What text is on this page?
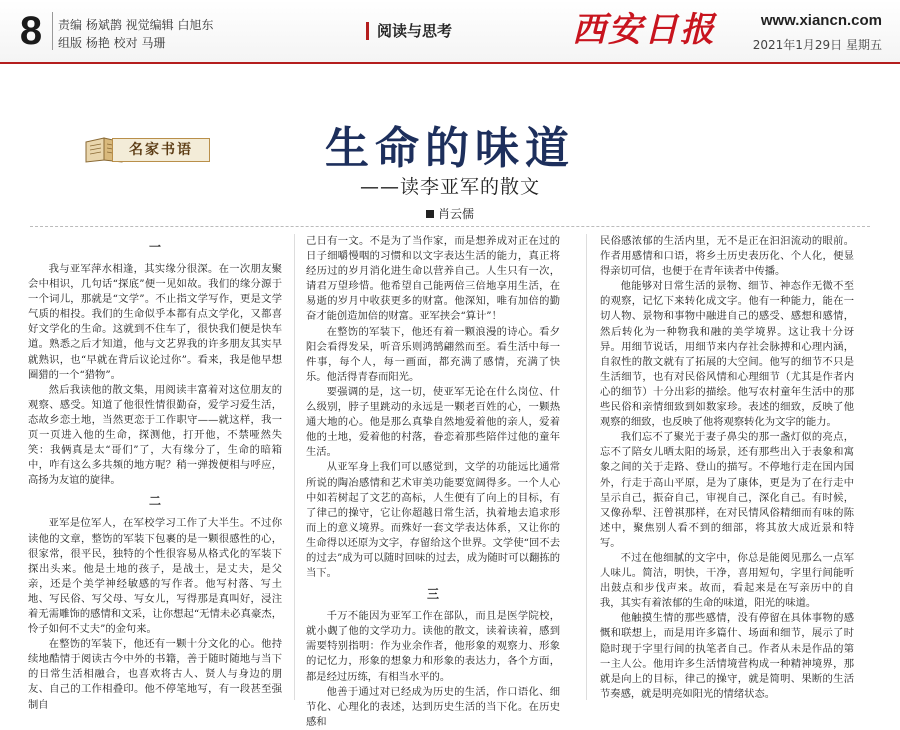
8	责编 杨斌鹊 视觉编辑 白旭东
组版 杨艳 校对 马珊
阅读与思考	西安日报	www.xiancn.com
2021年1月29日 星期五
名家书语	生命的味道
——读李亚军的散文
肖云儒
一

我与亚军萍水相逢，其实缘分很深。在一次朋友聚会中相识，几句话“探底”便一见如故。我们的缘分源于一个词儿，那就是“文学”。不止指文学写作，更是文学气质的相投。我们的生命似乎本都有点文学化，又都喜好文学化的生命。这就到不住车了，很快我们便是快车道。熟悉之后才知道，他与文艺界我的许多朋友其实早就熟识，也“早就在背后议论过你”。看来，我是他早想圈猎的一个“猎物”。

然后我读他的散文集，用阅读丰富着对这位朋友的观察、感受。知道了他很性情很勤奋，爱学习爱生活，态故乡恋土地，当然更恋于工作职守——就这样，我一页一页进入他的生命，探测他，打开他，不禁哑然失笑：我俩真是太“哥们”了，大有缘分了，生命的暗箱中，咋有这么多共频的地方呢？稍一弹拨便相与呼应，高扬为友谊的旋律。

二

亚军是位军人，在军校学习工作了大半生。不过你读他的文章，整饬的军装下包裹的是一颗很感性的心，很家常，很平民，独特的个性很容易从格式化的军装下探出头来。他是土地的孩子，是战士，是丈夫，是父亲，还是个美学神经敏感的写作者。他写村落、写土地、写民俗、写父母、写女儿，写得那是真叫好，浸注着无需雕饰的感情和文采，让你想起“无情未必真豪杰，怜子如何不丈夫”的金句来。

在整饬的军装下，他还有一颗十分文化的心。他持续地酷情于阅读古今中外的书籍，善于随时随地与当下的日常生活相融合，也喜欢将古人、贤人与身边的朋友、自己的工作相叠印。他不停笔地写，有一段甚至强制自

己日有一文。不是为了当作家，而是想养成对正在过的日子细嚼慢咽的习惯和以文字表达生活的能力，真正将经历过的岁月消化进生命以营养自己。人生只有一次，请君万望珍惜。他希望自己能两倍三倍地享用生活，在易逝的岁月中收获更多的财富。他深知，唯有加倍的勤奋才能创造加倍的财富。亚军挟会“算计”！

在整饬的军装下，他还有着一颗浪漫的诗心。看夕阳会看得发呆，听音乐则鸿鹄翩然而至。看生活中每一件事，每个人，每一画面，都充满了感情，充满了快乐。他活得青春而阳光。

要强调的是，这一切，使亚军无论在什么岗位、什么级别，脖子里跳动的永远是一颗老百姓的心，一颗热通大地的心。他是那么真挚自然地爱着他的亲人，爱着他的土地，爱着他的村落，眷恋着那些陪伴过他的童年生活。

从亚军身上我们可以感觉到，文学的功能远比通常所说的陶冶感情和艺术审美功能要宽阔得多。一个人心中如若树起了文艺的高标，人生便有了向上的目标，有了律己的操守，它让你超越日常生活，执着地去追求形而上的意义境界。而殊好一套文学表达体系，又让你的生命得以还原为文字，存留给这个世界。文学使“回不去的过去”成为可以随时回味的过去，成为随时可以翻拣的当下。

三

千万不能因为亚军工作在部队，而且是医学院校，就小觑了他的文学功力。读他的散文，读着读着，感到需要特别指明：作为业余作者，他形象的观察力、形象的记忆力，形象的想象力和形象的表达力，各个方面，都是经过历练，有相当水平的。

他善于通过对已经成为历史的生活，作口语化、细节化、心理化的表述，达到历史生活的当下化。在历史感和

民俗感浓郁的生活内里，无不是正在汩汩流动的眼前。作者用感情和口语，将乡土历史表历化、个人化，便显得亲切可信，也便于在青年读者中传播。

他能够对日常生活的景物、细节、神态作无微不至的观察，记忆下来转化成文字。他有一种能力，能在一切人物、景物和事物中融进自己的感受、感想和感情，然后转化为一种物我和融的美学境界。这让我十分讶异。用细节说话，用细节来内存社会脉搏和心理内涵，自叙性的散文就有了拓展的大空间。他写的细节不只是生活细节，也有对民俗风情和心理细节（尤其是作者内心的细节）十分出彩的描绘。他写农村童年生活中的那些民俗和亲情细致到如数家珍。表述的细致，反映了他观察的细致，也反映了他将观察转化为文字的能力。

我们忘不了聚光于妻子鼻尖的那一盏灯似的亮点，忘不了陪女儿晒太阳的场景，还有那些出入于表象和寓象之间的关于走路、登山的描写。不停地行走在国内国外，行走于高山平原，是为了康体，更是为了在行走中呈示自己，振奋自己，审视自己，深化自己。有时候，又像孙犁、汪曾祺那样，在对民情风俗精细而有味的陈述中，聚焦别人看不到的细部，将其放大成近景和特写。

不过在他细腻的文字中，你总是能阅见那么一点军人味儿。简洁，明快，干净，喜用短句，字里行间能听出鼓点和步伐声来。故而，看起来是在写亲历中的自我，其实有着浓郁的生命的味道，阳光的味道。

他触摸生情的那些感情，没有停留在具体事物的感慨和联想上，而是用许多篇什、场面和细节，展示了时隐时现于字里行间的执笔者自己。作者从未是作品的第一主人公。他用许多生活情境营构成一种精神境界，那就是向上的目标，律己的操守，就是简明、果断的生活节奏感，就是明亮如阳光的情绪状态。
